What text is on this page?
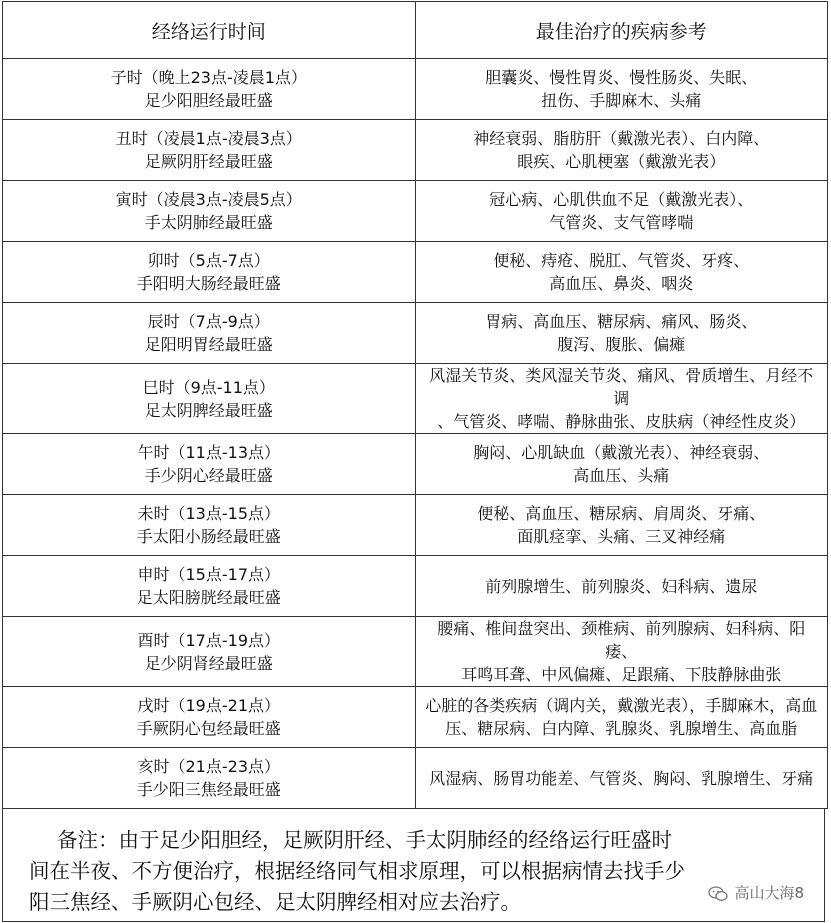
经络运行时间	最佳治疗的疾病参考

子时（晚上23点-凌晨1点）
足少阳胆经最旺盛	胆囊炎、慢性胃炎、慢性肠炎、失眠、
扭伤、手脚麻木、头痛

丑时（凌晨1点-凌晨3点）
足厥阴肝经最旺盛	神经衰弱、脂肪肝（戴激光表）、白内障、
眼疾、心肌梗塞（戴激光表）

寅时（凌晨3点-凌晨5点）
手太阴肺经最旺盛	冠心病、心肌供血不足（戴激光表）、
气管炎、支气管哮喘

卯时（5点-7点）
手阳明大肠经最旺盛	便秘、痔疮、脱肛、气管炎、牙疼、
高血压、鼻炎、咽炎

辰时（7点-9点）
足阳明胃经最旺盛	胃病、高血压、糖尿病、痛风、肠炎、
腹泻、腹胀、偏瘫

巳时（9点-11点）
足太阴脾经最旺盛	风湿关节炎、类风湿关节炎、痛风、骨质增生、月经不调
、气管炎、哮喘、静脉曲张、皮肤病（神经性皮炎）

午时（11点-13点）
手少阴心经最旺盛	胸闷、心肌缺血（戴激光表）、神经衰弱、
高血压、头痛

未时（13点-15点）
手太阳小肠经最旺盛	便秘、高血压、糖尿病、肩周炎、牙痛、
面肌痉挛、头痛、三叉神经痛

申时（15点-17点）
足太阳膀胱经最旺盛	前列腺增生、前列腺炎、妇科病、遗尿

酉时（17点-19点）
足少阴肾经最旺盛	腰痛、椎间盘突出、颈椎病、前列腺病、妇科病、阳痿、
耳鸣耳聋、中风偏瘫、足跟痛、下肢静脉曲张

戌时（19点-21点）
手厥阴心包经最旺盛	心脏的各类疾病（调内关，戴激光表），手脚麻木，高血
压、糖尿病、白内障、乳腺炎、乳腺增生、高血脂

亥时（21点-23点）
手少阳三焦经最旺盛	风湿病、肠胃功能差、气管炎、胸闷、乳腺增生、牙痛
备注：由于足少阳胆经，足厥阴肝经、手太阴肺经的经络运行旺盛时
间在半夜、不方便治疗，根据经络同气相求原理，可以根据病情去找手少
阳三焦经、手厥阴心包经、足太阴脾经相对应去治疗。	高山大海8
